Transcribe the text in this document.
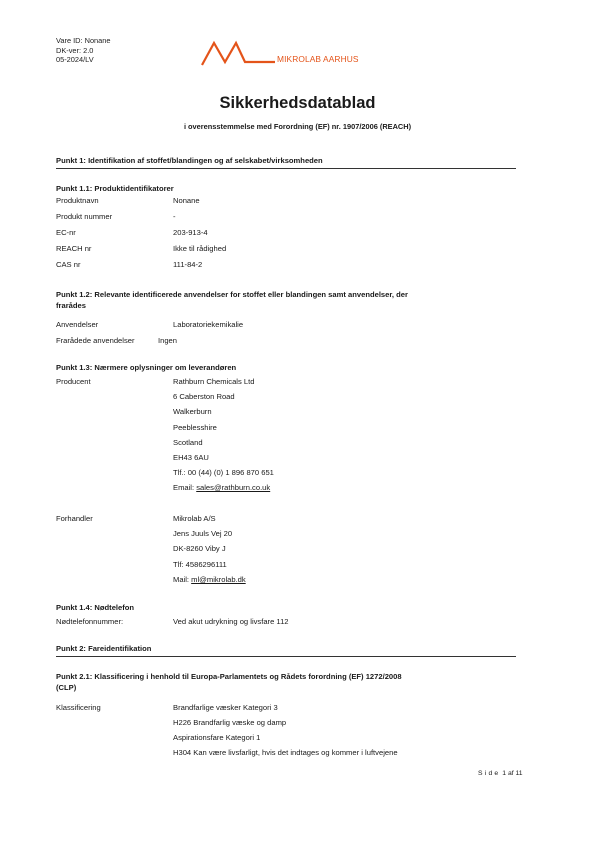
Vare ID: Nonane
DK-ver: 2.0
05-2024/LV	MIKROLAB AARHUS
Sikkerhedsdatablad
i overensstemmelse med Forordning (EF) nr. 1907/2006 (REACH)
Punkt 1: Identifikation af stoffet/blandingen og af selskabet/virksomheden
Punkt 1.1: Produktidentifikatorer
Produktnavn	Nonane
Produkt nummer	-
EC-nr	203-913-4
REACH nr	Ikke til rådighed
CAS nr	111-84-2
Punkt 1.2: Relevante identificerede anvendelser for stoffet eller blandingen samt anvendelser, der
frarådes
Anvendelser	Laboratoriekemikalie
Frarådede anvendelser	Ingen
Punkt 1.3: Nærmere oplysninger om leverandøren
Producent	Rathburn Chemicals Ltd
6 Caberston Road
Walkerburn
Peeblesshire
Scotland
EH43 6AU
Tlf.: 00 (44) (0) 1 896 870 651
Email: sales@rathburn.co.uk
Forhandler	Mikrolab A/S
Jens Juuls Vej 20
DK-8260 Viby J
Tlf: 4586296111
Mail: ml@mikrolab.dk
Punkt 1.4: Nødtelefon
Nødtelefonnummer:	Ved akut udrykning og livsfare 112
Punkt 2: Fareidentifikation
Punkt 2.1: Klassificering i henhold til Europa-Parlamentets og Rådets forordning (EF) 1272/2008
(CLP)
Klassificering	Brandfarlige væsker Kategori 3
H226 Brandfarlig væske og damp
Aspirationsfare Kategori 1
H304 Kan være livsfarligt, hvis det indtages og kommer i luftvejene
Side 1 af 11
